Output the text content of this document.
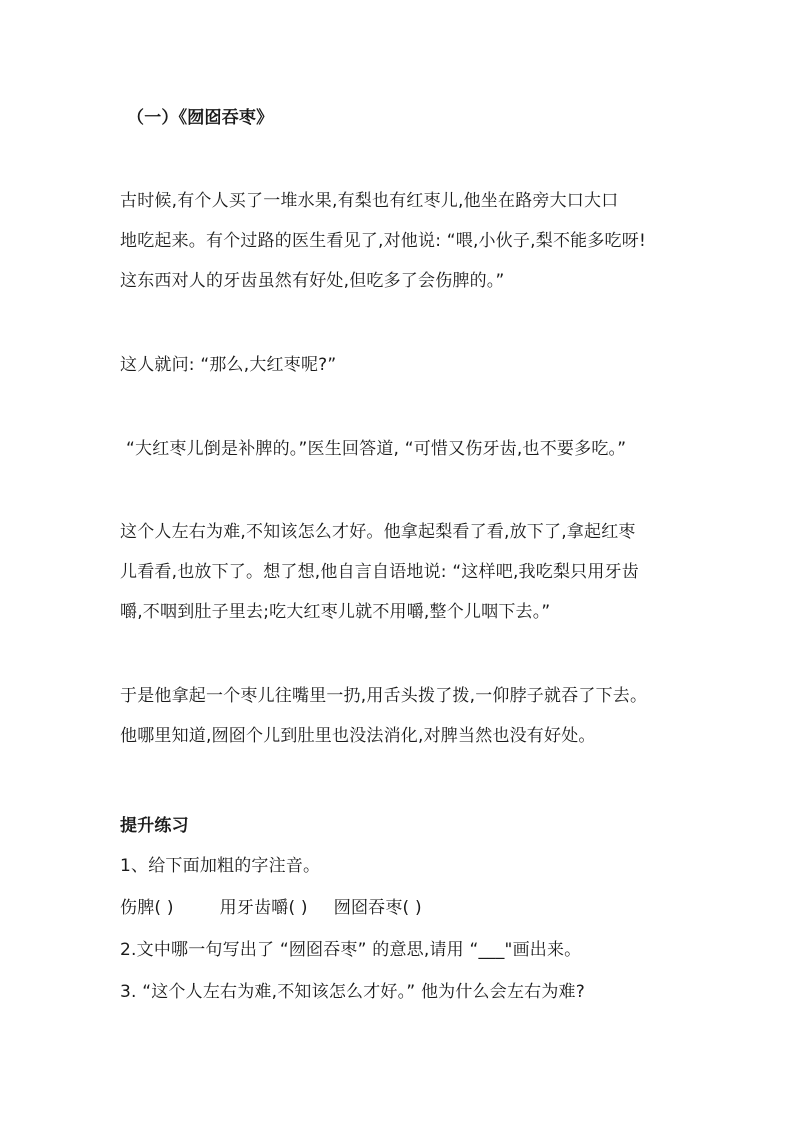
（一）《囫囵吞枣》
古时候,有个人买了一堆水果,有梨也有红枣儿,他坐在路旁大口大口
地吃起来。有个过路的医生看见了,对他说: “喂,小伙子,梨不能多吃呀!
这东西对人的牙齿虽然有好处,但吃多了会伤脾的。”
这人就问: “那么,大红枣呢?”
“大红枣儿倒是补脾的。”医生回答道, “可惜又伤牙齿,也不要多吃。”
这个人左右为难,不知该怎么才好。他拿起梨看了看,放下了,拿起红枣
儿看看,也放下了。想了想,他自言自语地说: “这样吧,我吃梨只用牙齿
嚼,不咽到肚子里去;吃大红枣儿就不用嚼,整个儿咽下去。”
于是他拿起一个枣儿往嘴里一扔,用舌头拨了拨,一仰脖子就吞了下去。
他哪里知道,囫囵个儿到肚里也没法消化,对脾当然也没有好处。
提升练习
1、给下面加粗的字注音。
伤脾( )	用牙齿嚼( ) 囫囵吞枣( )
2.文中哪一句写出了 “囫囵吞枣” 的意思,请用 “___"画出来。
3. “这个人左右为难,不知该怎么才好。” 他为什么会左右为难?
